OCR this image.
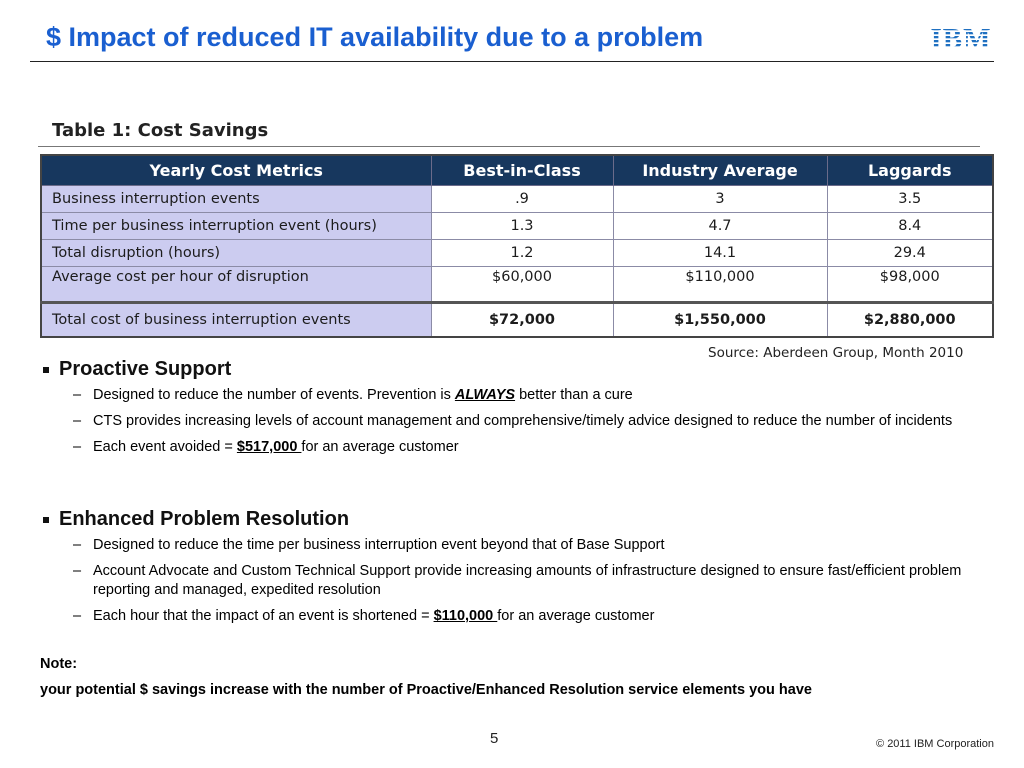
$ Impact of reduced IT availability due to a problem	IBM
Table 1: Cost Savings
Yearly Cost Metrics	Best-in-Class	Industry Average	Laggards
Business interruption events	.9	3	3.5
Time per business interruption event (hours)	1.3	4.7	8.4
Total disruption (hours)	1.2	14.1	29.4
Average cost per hour of disruption	$60,000	$110,000	$98,000
Total cost of business interruption events	$72,000	$1,550,000	$2,880,000
Source: Aberdeen Group, Month 2010
Proactive Support
– Designed to reduce the number of events. Prevention is ALWAYS better than a cure
– CTS provides increasing levels of account management and comprehensive/timely advice designed to reduce the number of incidents
– Each event avoided = $517,000 for an average customer
Enhanced Problem Resolution
– Designed to reduce the time per business interruption event beyond that of Base Support
– Account Advocate and Custom Technical Support provide increasing amounts of infrastructure designed to ensure fast/efficient problem reporting and managed, expedited resolution
– Each hour that the impact of an event is shortened = $110,000 for an average customer
Note:
your potential $ savings increase with the number of Proactive/Enhanced Resolution service elements you have
5	© 2011 IBM Corporation
